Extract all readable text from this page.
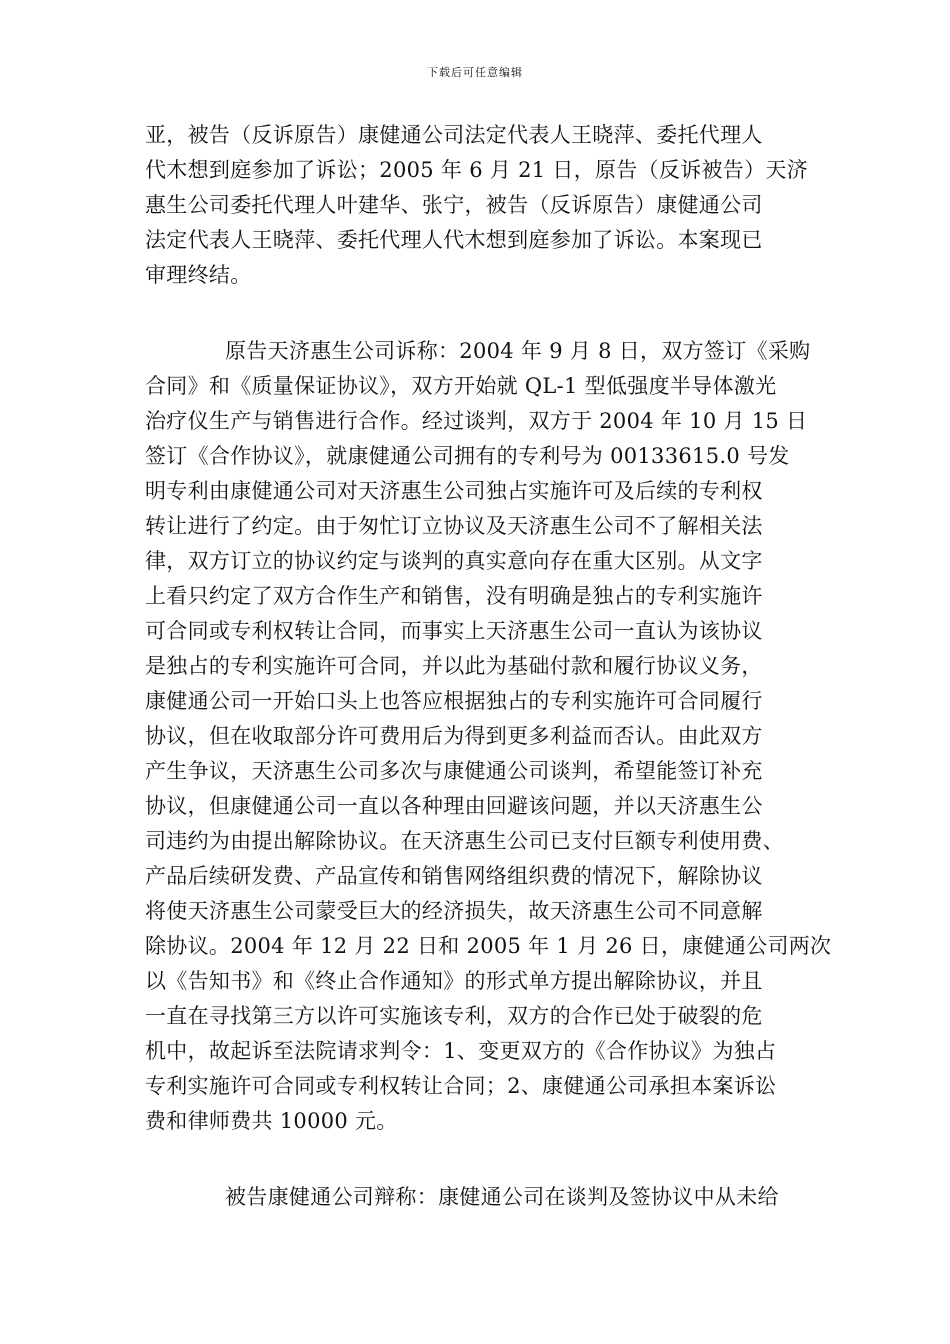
下载后可任意编辑
亚，被告（反诉原告）康健通公司法定代表人王晓萍、委托代理人
代木想到庭参加了诉讼；2005 年 6 月 21 日，原告（反诉被告）天济
惠生公司委托代理人叶建华、张宁，被告（反诉原告）康健通公司
法定代表人王晓萍、委托代理人代木想到庭参加了诉讼。本案现已
审理终结。
原告天济惠生公司诉称：2004 年 9 月 8 日，双方签订《采购
合同》和《质量保证协议》，双方开始就 QL-1 型低强度半导体激光
治疗仪生产与销售进行合作。经过谈判，双方于 2004 年 10 月 15 日
签订《合作协议》，就康健通公司拥有的专利号为 00133615.0 号发
明专利由康健通公司对天济惠生公司独占实施许可及后续的专利权
转让进行了约定。由于匆忙订立协议及天济惠生公司不了解相关法
律，双方订立的协议约定与谈判的真实意向存在重大区别。从文字
上看只约定了双方合作生产和销售，没有明确是独占的专利实施许
可合同或专利权转让合同，而事实上天济惠生公司一直认为该协议
是独占的专利实施许可合同，并以此为基础付款和履行协议义务，
康健通公司一开始口头上也答应根据独占的专利实施许可合同履行
协议，但在收取部分许可费用后为得到更多利益而否认。由此双方
产生争议，天济惠生公司多次与康健通公司谈判，希望能签订补充
协议，但康健通公司一直以各种理由回避该问题，并以天济惠生公
司违约为由提出解除协议。在天济惠生公司已支付巨额专利使用费、
产品后续研发费、产品宣传和销售网络组织费的情况下，解除协议
将使天济惠生公司蒙受巨大的经济损失，故天济惠生公司不同意解
除协议。2004 年 12 月 22 日和 2005 年 1 月 26 日，康健通公司两次
以《告知书》和《终止合作通知》的形式单方提出解除协议，并且
一直在寻找第三方以许可实施该专利，双方的合作已处于破裂的危
机中，故起诉至法院请求判令：1、变更双方的《合作协议》为独占
专利实施许可合同或专利权转让合同；2、康健通公司承担本案诉讼
费和律师费共 10000 元。
被告康健通公司辩称：康健通公司在谈判及签协议中从未给
